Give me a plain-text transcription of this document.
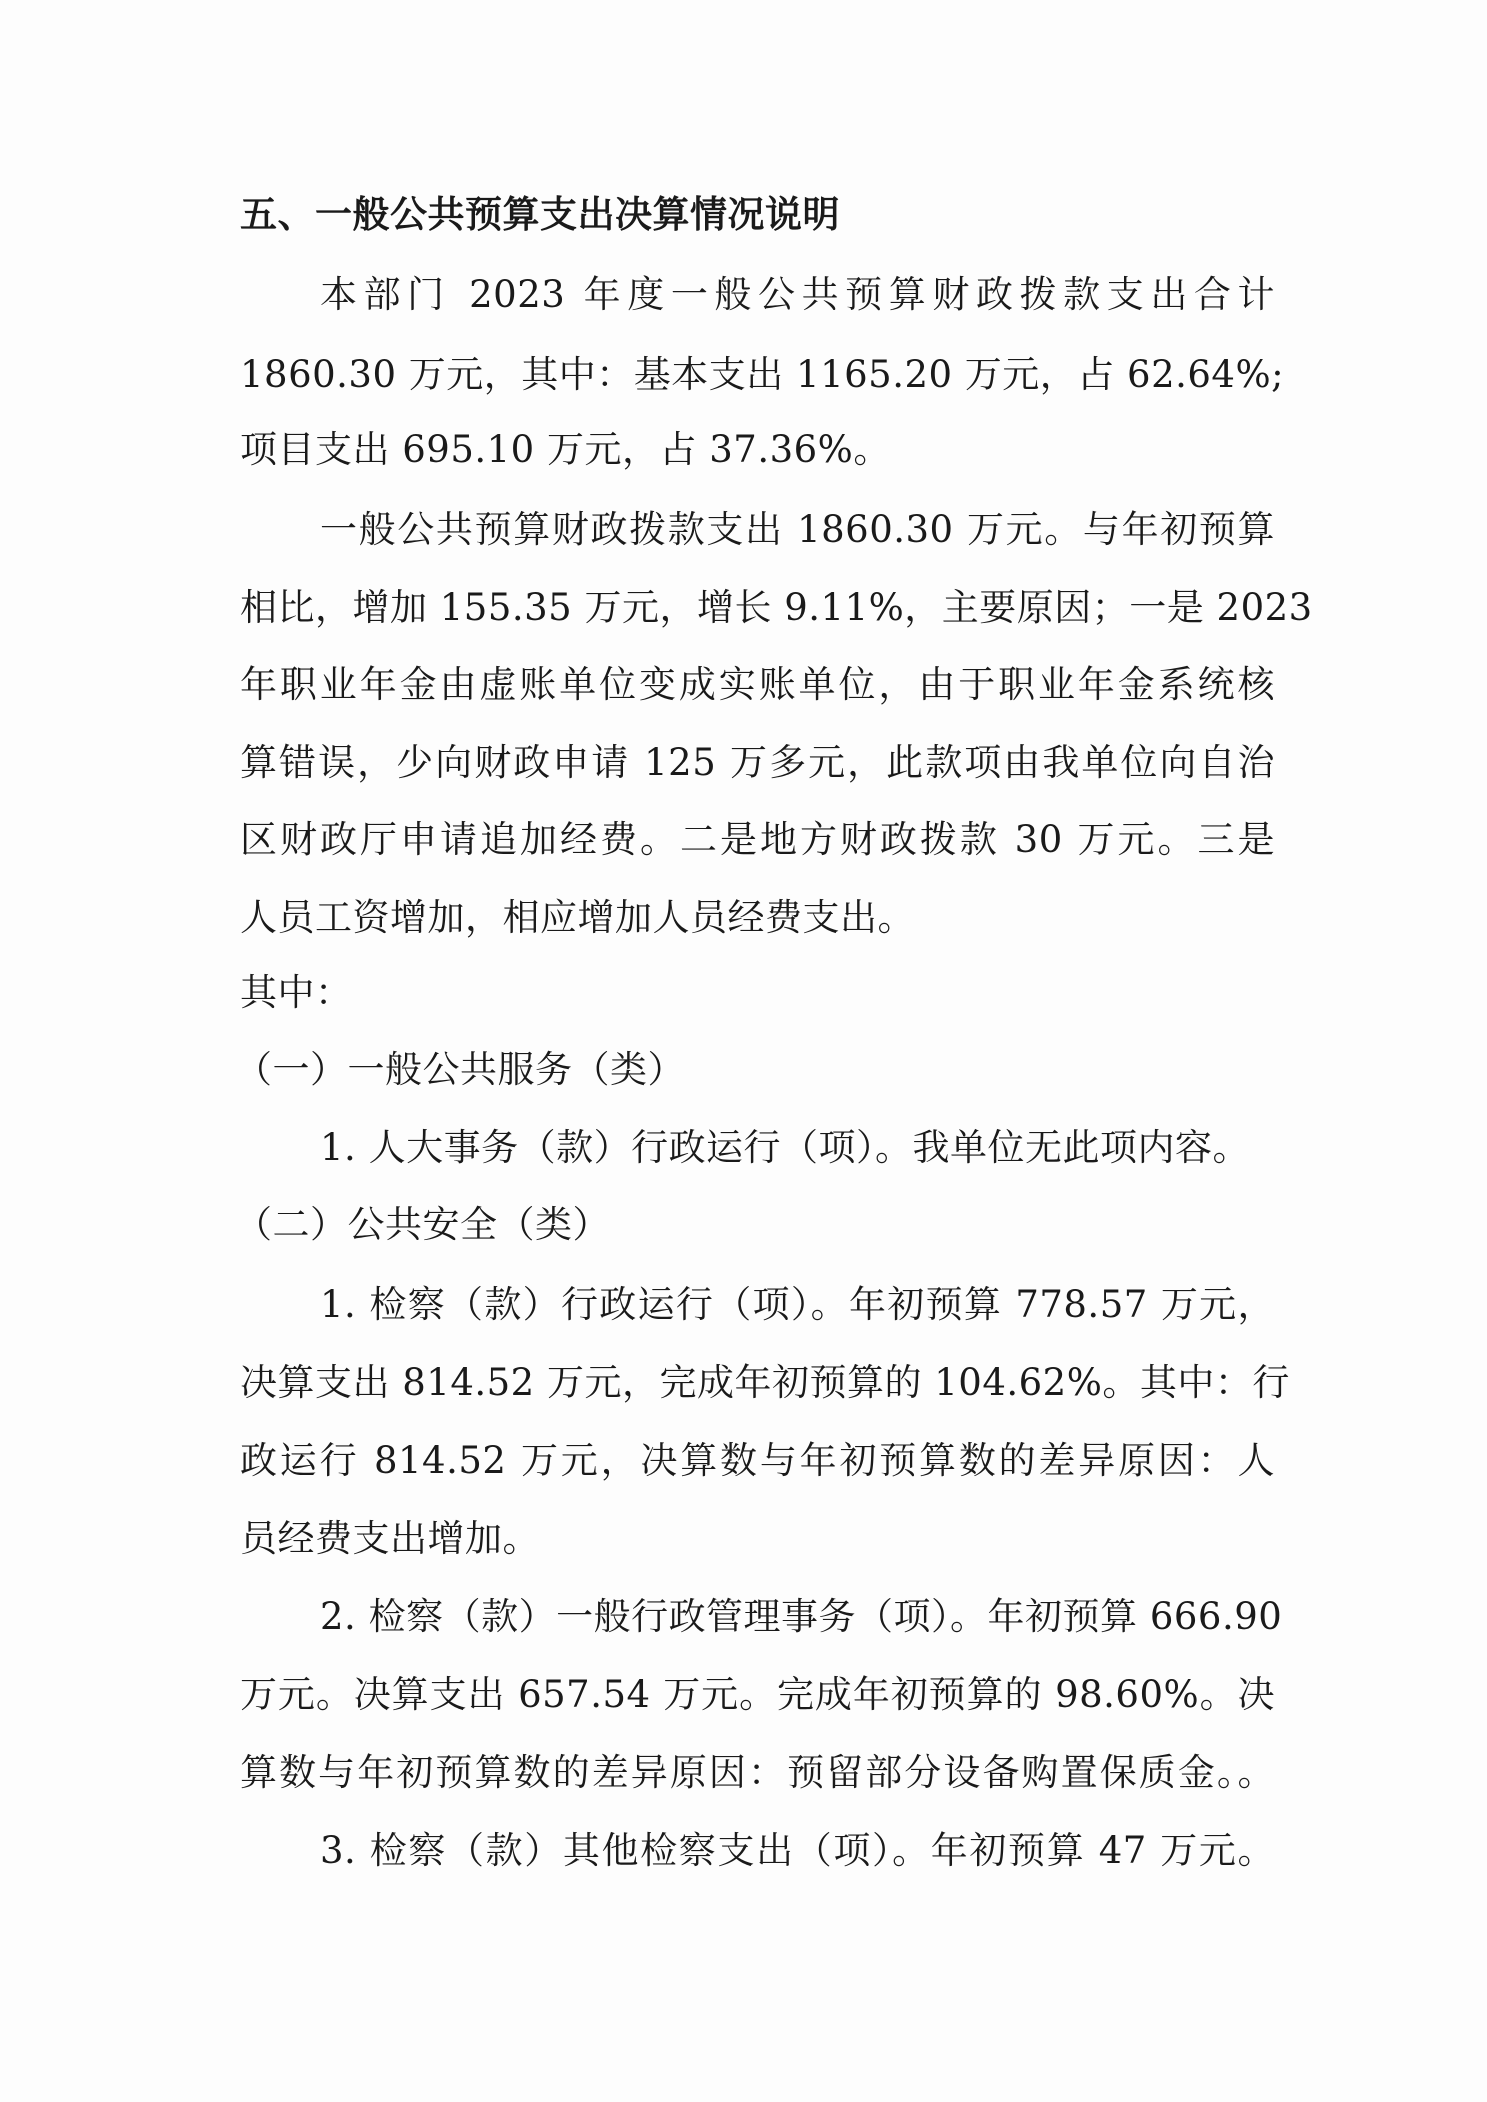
五、一般公共预算支出决算情况说明
本部门 2023 年度一般公共预算财政拨款支出合计
1860.30 万元，其中：基本支出 1165.20 万元，占 62.64%;
项目支出 695.10 万元，占 37.36%。
一般公共预算财政拨款支出 1860.30 万元。与年初预算
相比，增加 155.35 万元，增长 9.11%，主要原因；一是 2023
年职业年金由虚账单位变成实账单位，由于职业年金系统核
算错误，少向财政申请 125 万多元，此款项由我单位向自治
区财政厅申请追加经费。二是地方财政拨款 30 万元。三是
人员工资增加，相应增加人员经费支出。
其中：
（一）一般公共服务（类）
1. 人大事务（款）行政运行（项）。我单位无此项内容。
（二）公共安全（类）
1. 检察（款）行政运行（项）。年初预算 778.57 万元，
决算支出 814.52 万元，完成年初预算的 104.62%。其中：行
政运行 814.52 万元，决算数与年初预算数的差异原因：人
员经费支出增加。
2. 检察（款）一般行政管理事务（项）。年初预算 666.90
万元。决算支出 657.54 万元。完成年初预算的 98.60%。决
算数与年初预算数的差异原因：预留部分设备购置保质金。。
3. 检察（款）其他检察支出（项）。年初预算 47 万元。
